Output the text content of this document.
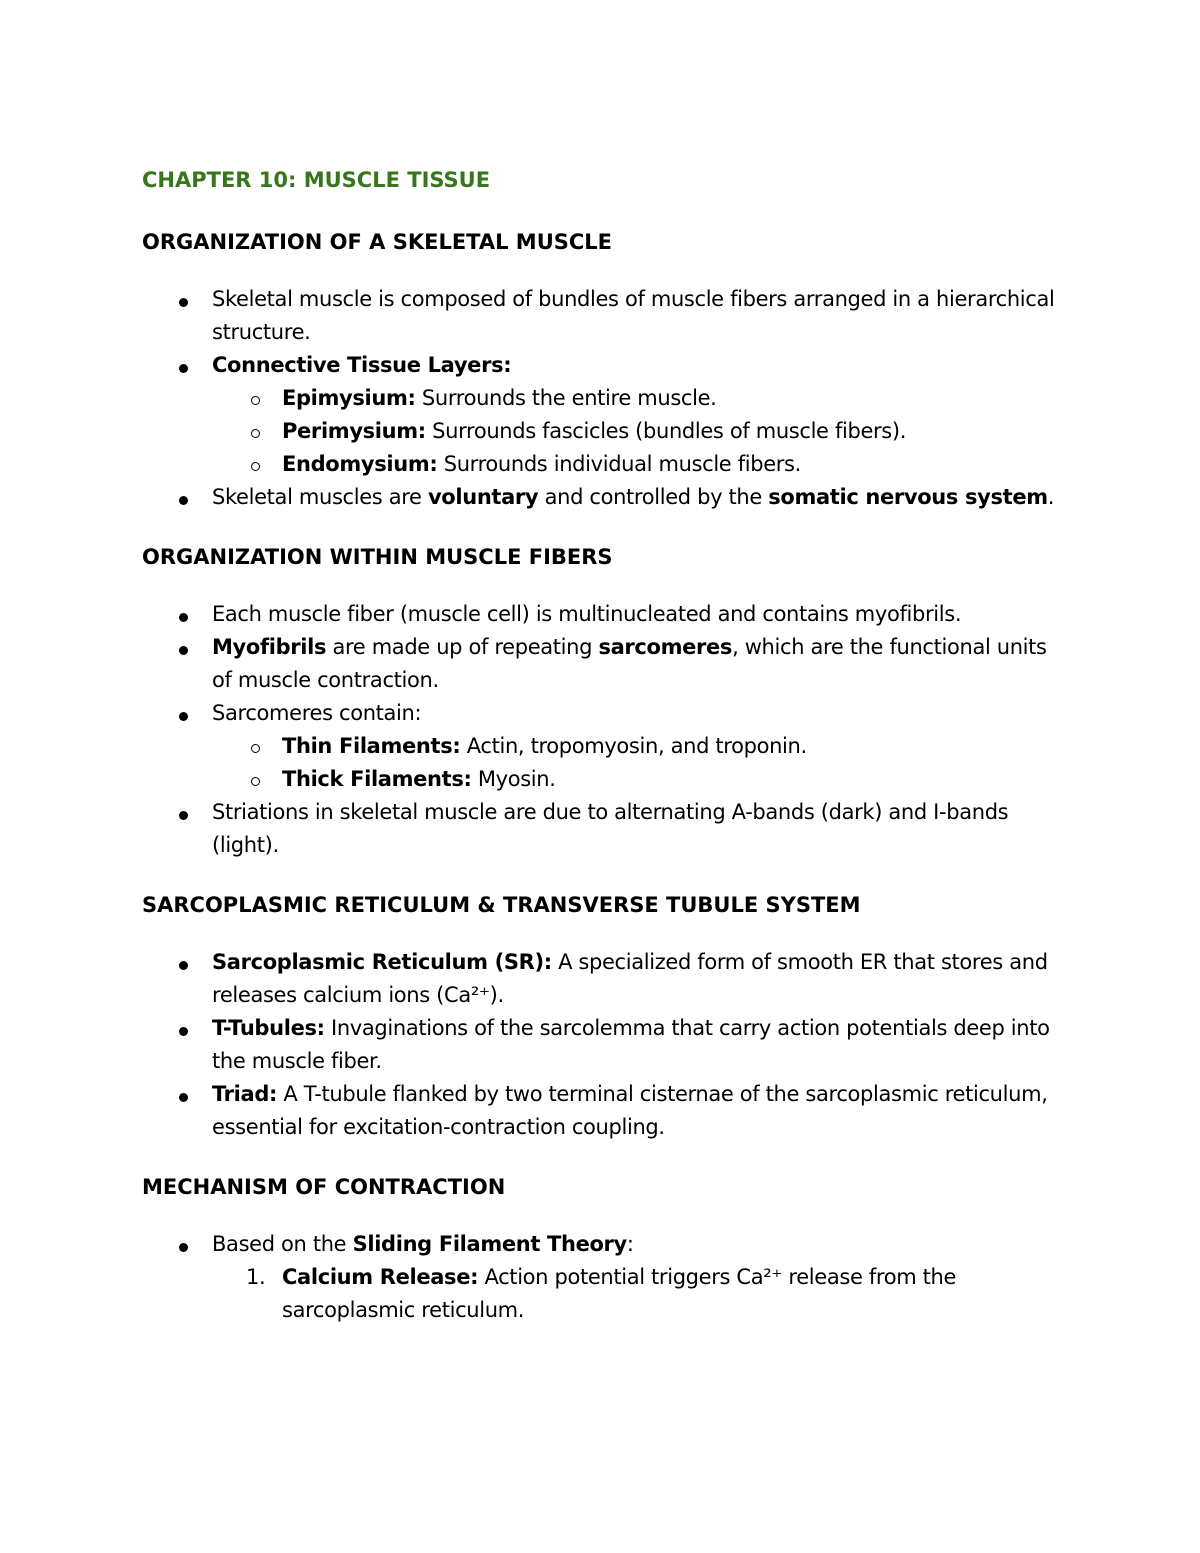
CHAPTER 10: MUSCLE TISSUE
ORGANIZATION OF A SKELETAL MUSCLE
Skeletal muscle is composed of bundles of muscle fibers arranged in a hierarchical structure.
Connective Tissue Layers:
Epimysium: Surrounds the entire muscle.
Perimysium: Surrounds fascicles (bundles of muscle fibers).
Endomysium: Surrounds individual muscle fibers.
Skeletal muscles are voluntary and controlled by the somatic nervous system.
ORGANIZATION WITHIN MUSCLE FIBERS
Each muscle fiber (muscle cell) is multinucleated and contains myofibrils.
Myofibrils are made up of repeating sarcomeres, which are the functional units of muscle contraction.
Sarcomeres contain:
Thin Filaments: Actin, tropomyosin, and troponin.
Thick Filaments: Myosin.
Striations in skeletal muscle are due to alternating A-bands (dark) and I-bands (light).
SARCOPLASMIC RETICULUM & TRANSVERSE TUBULE SYSTEM
Sarcoplasmic Reticulum (SR): A specialized form of smooth ER that stores and releases calcium ions (Ca²⁺).
T-Tubules: Invaginations of the sarcolemma that carry action potentials deep into the muscle fiber.
Triad: A T-tubule flanked by two terminal cisternae of the sarcoplasmic reticulum, essential for excitation-contraction coupling.
MECHANISM OF CONTRACTION
Based on the Sliding Filament Theory:
1. Calcium Release: Action potential triggers Ca²⁺ release from the sarcoplasmic reticulum.
